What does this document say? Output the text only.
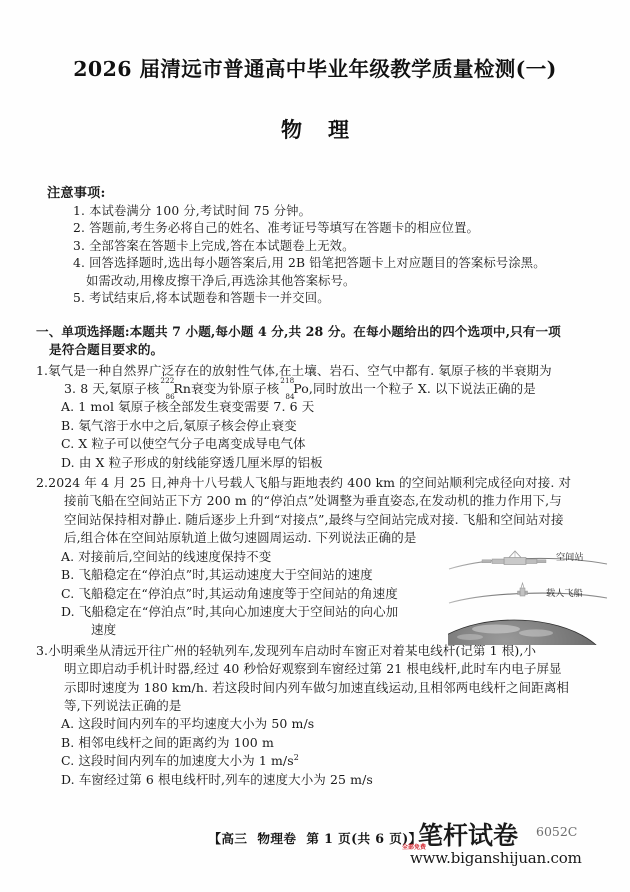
2026 届清远市普通高中毕业年级教学质量检测(一)
物理
注意事项:
1. 本试卷满分 100 分,考试时间 75 分钟。
2. 答题前,考生务必将自己的姓名、准考证号等填写在答题卡的相应位置。
3. 全部答案在答题卡上完成,答在本试题卷上无效。
4. 回答选择题时,选出每小题答案后,用 2B 铅笔把答题卡上对应题目的答案标号涂黑。
如需改动,用橡皮擦干净后,再选涂其他答案标号。
5. 考试结束后,将本试题卷和答题卡一并交回。
一、单项选择题:本题共 7 小题,每小题 4 分,共 28 分。在每小题给出的四个选项中,只有一项
是符合题目要求的。
1.氡气是一种自然界广泛存在的放射性气体,在土壤、岩石、空气中都有. 氡原子核的半衰期为
3. 8 天,氡原子核$^{222}_{86}$Rn衰变为钋原子核$^{218}_{84}$Po,同时放出一个粒子 X. 以下说法正确的是
A. 1 mol 氡原子核全部发生衰变需要 7. 6 天
B. 氡气溶于水中之后,氡原子核会停止衰变
C. X 粒子可以使空气分子电离变成导电气体
D. 由 X 粒子形成的射线能穿透几厘米厚的铝板
2.2024 年 4 月 25 日,神舟十八号载人飞船与距地表约 400 km 的空间站顺利完成径向对接. 对
接前飞船在空间站正下方 200 m 的“停泊点”处调整为垂直姿态,在发动机的推力作用下,与
空间站保持相对静止. 随后逐步上升到“对接点”,最终与空间站完成对接. 飞船和空间站对接
后,组合体在空间站原轨道上做匀速圆周运动. 下列说法正确的是
A. 对接前后,空间站的线速度保持不变
B. 飞船稳定在“停泊点”时,其运动速度大于空间站的速度
C. 飞船稳定在“停泊点”时,其运动角速度等于空间站的角速度
D. 飞船稳定在“停泊点”时,其向心加速度大于空间站的向心加
速度
3.小明乘坐从清远开往广州的轻轨列车,发现列车启动时车窗正对着某电线杆(记第 1 根),小
明立即启动手机计时器,经过 40 秒恰好观察到车窗经过第 21 根电线杆,此时车内电子屏显
示即时速度为 180 km/h. 若这段时间内列车做匀加速直线运动,且相邻两电线杆之间距离相
等,下列说法正确的是
A. 这段时间内列车的平均速度大小为 50 m/s
B. 相邻电线杆之间的距离约为 100 m
C. 这段时间内列车的加速度大小为 1 $m/s^2$
D. 车窗经过第 6 根电线杆时,列车的速度大小为 25 m/s
空间站
载人飞船
【高三 物理卷 第 1 页(共 6 页)】
笔杆试卷 6052C
全部免费
www.biganshijuan.com
